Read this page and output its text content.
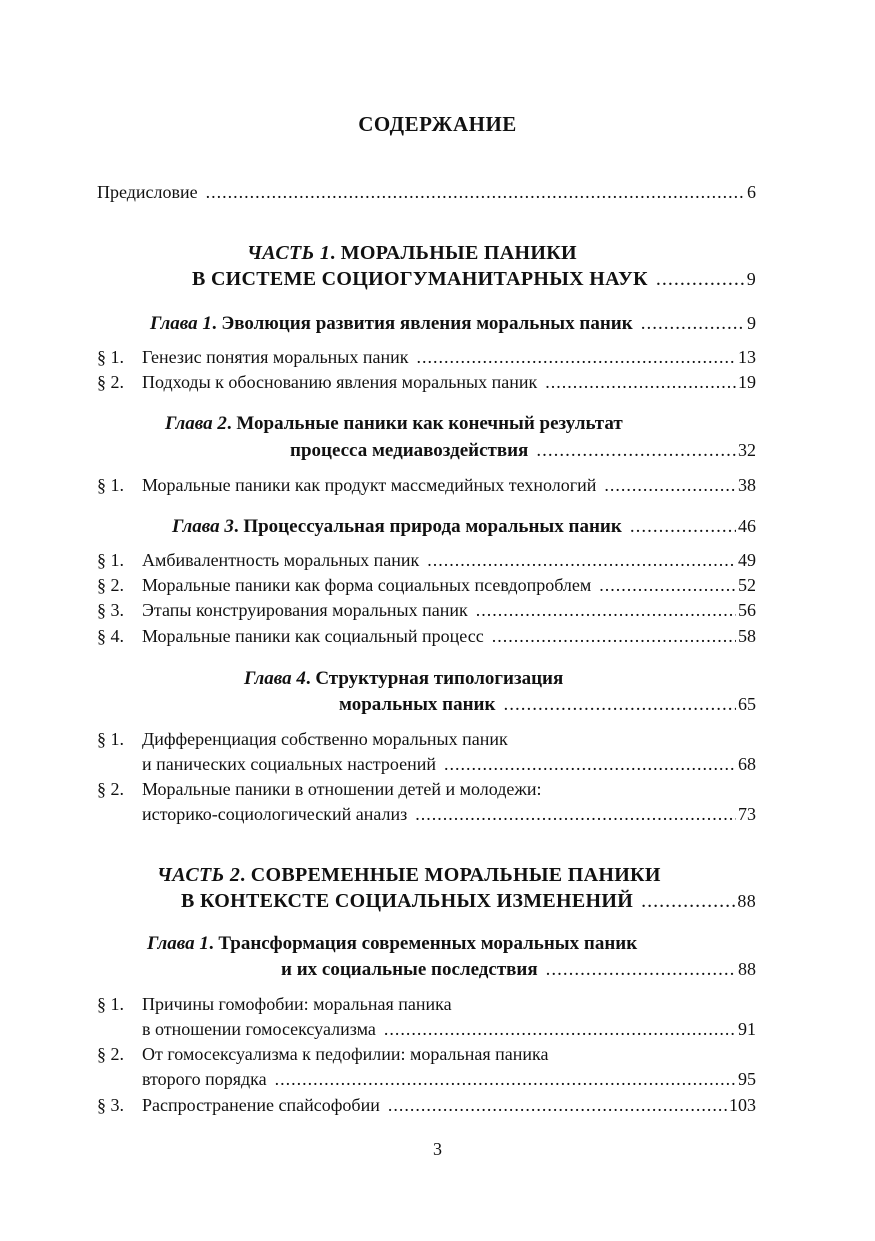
СОДЕРЖАНИЕ
Предисловие .....	6
ЧАСТЬ 1. МОРАЛЬНЫЕ ПАНИКИ
В СИСТЕМЕ СОЦИОГУМАНИТАРНЫХ НАУК .....	9
Глава 1. Эволюция развития явления моральных паник .....	9
§ 1. Генезис понятия моральных паник .....	13
§ 2. Подходы к обоснованию явления моральных паник .....	19
Глава 2. Моральные паники как конечный результат
процесса медиавоздействия .....	32
§ 1. Моральные паники как продукт массмедийных технологий .....	38
Глава 3. Процессуальная природа моральных паник .....	46
§ 1. Амбивалентность моральных паник .....	49
§ 2. Моральные паники как форма социальных псевдопроблем .....	52
§ 3. Этапы конструирования моральных паник .....	56
§ 4. Моральные паники как социальный процесс .....	58
Глава 4. Структурная типологизация
моральных паник .....	65
§ 1. Дифференциация собственно моральных паник
и панических социальных настроений .....	68
§ 2. Моральные паники в отношении детей и молодежи:
историко-социологический анализ .....	73
ЧАСТЬ 2. СОВРЕМЕННЫЕ МОРАЛЬНЫЕ ПАНИКИ
В КОНТЕКСТЕ СОЦИАЛЬНЫХ ИЗМЕНЕНИЙ .....	88
Глава 1. Трансформация современных моральных паник
и их социальные последствия .....	88
§ 1. Причины гомофобии: моральная паника
в отношении гомосексуализма .....	91
§ 2. От гомосексуализма к педофилии: моральная паника
второго порядка .....	95
§ 3. Распространение спайсофобии .....	103
3
